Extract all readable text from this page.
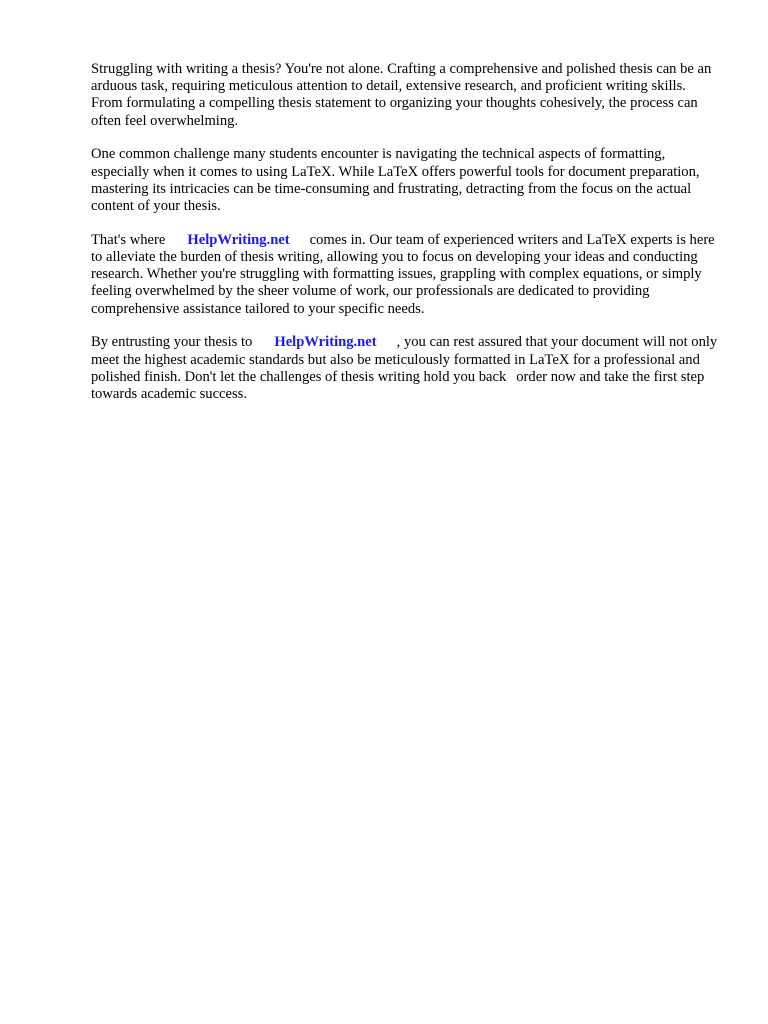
Struggling with writing a thesis? You're not alone. Crafting a comprehensive and polished thesis can be an arduous task, requiring meticulous attention to detail, extensive research, and proficient writing skills. From formulating a compelling thesis statement to organizing your thoughts cohesively, the process can often feel overwhelming.

One common challenge many students encounter is navigating the technical aspects of formatting, especially when it comes to using LaTeX. While LaTeX offers powerful tools for document preparation, mastering its intricacies can be time-consuming and frustrating, detracting from the focus on the actual content of your thesis.

That's where HelpWriting.net comes in. Our team of experienced writers and LaTeX experts is here to alleviate the burden of thesis writing, allowing you to focus on developing your ideas and conducting research. Whether you're struggling with formatting issues, grappling with complex equations, or simply feeling overwhelmed by the sheer volume of work, our professionals are dedicated to providing comprehensive assistance tailored to your specific needs.

By entrusting your thesis to HelpWriting.net , you can rest assured that your document will not only meet the highest academic standards but also be meticulously formatted in LaTeX for a professional and polished finish. Don't let the challenges of thesis writing hold you back order now and take the first step towards academic success.
